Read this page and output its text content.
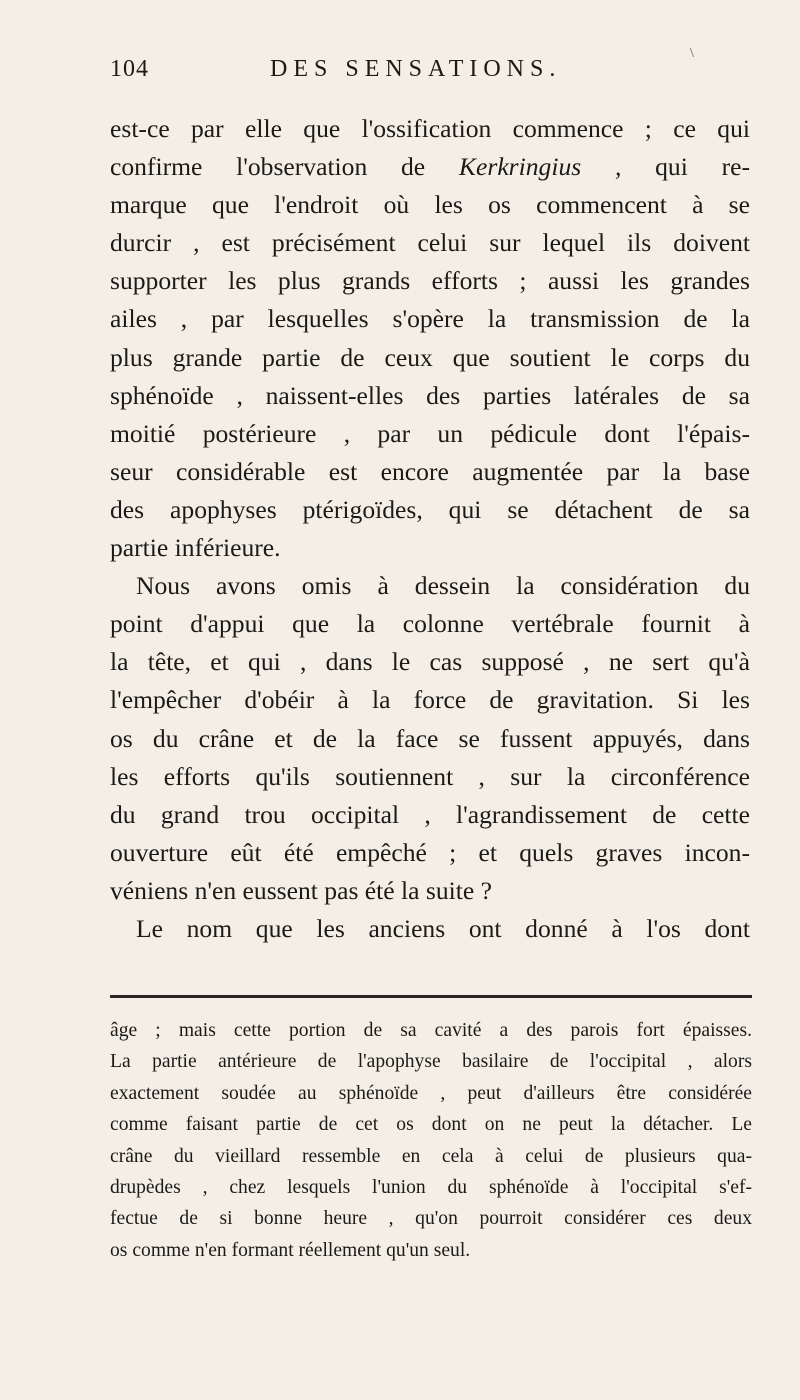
104	DES SENSATIONS.
\
est-ce par elle que l'ossification commence ; ce qui
confirme l'observation de Kerkringius , qui re-
marque que l'endroit où les os commencent à se
durcir , est précisément celui sur lequel ils doivent
supporter les plus grands efforts ; aussi les grandes
ailes , par lesquelles s'opère la transmission de la
plus grande partie de ceux que soutient le corps du
sphénoïde , naissent-elles des parties latérales de sa
moitié postérieure , par un pédicule dont l'épais-
seur considérable est encore augmentée par la base
des apophyses ptérigoïdes, qui se détachent de sa
partie inférieure.
Nous avons omis à dessein la considération du
point d'appui que la colonne vertébrale fournit à
la tête, et qui , dans le cas supposé , ne sert qu'à
l'empêcher d'obéir à la force de gravitation. Si les
os du crâne et de la face se fussent appuyés, dans
les efforts qu'ils soutiennent , sur la circonférence
du grand trou occipital , l'agrandissement de cette
ouverture eût été empêché ; et quels graves incon-
véniens n'en eussent pas été la suite ?
Le nom que les anciens ont donné à l'os dont
âge ; mais cette portion de sa cavité a des parois fort épaisses.
La partie antérieure de l'apophyse basilaire de l'occipital , alors
exactement soudée au sphénoïde , peut d'ailleurs être considérée
comme faisant partie de cet os dont on ne peut la détacher. Le
crâne du vieillard ressemble en cela à celui de plusieurs qua-
drupèdes , chez lesquels l'union du sphénoïde à l'occipital s'ef-
fectue de si bonne heure , qu'on pourroit considérer ces deux
os comme n'en formant réellement qu'un seul.
